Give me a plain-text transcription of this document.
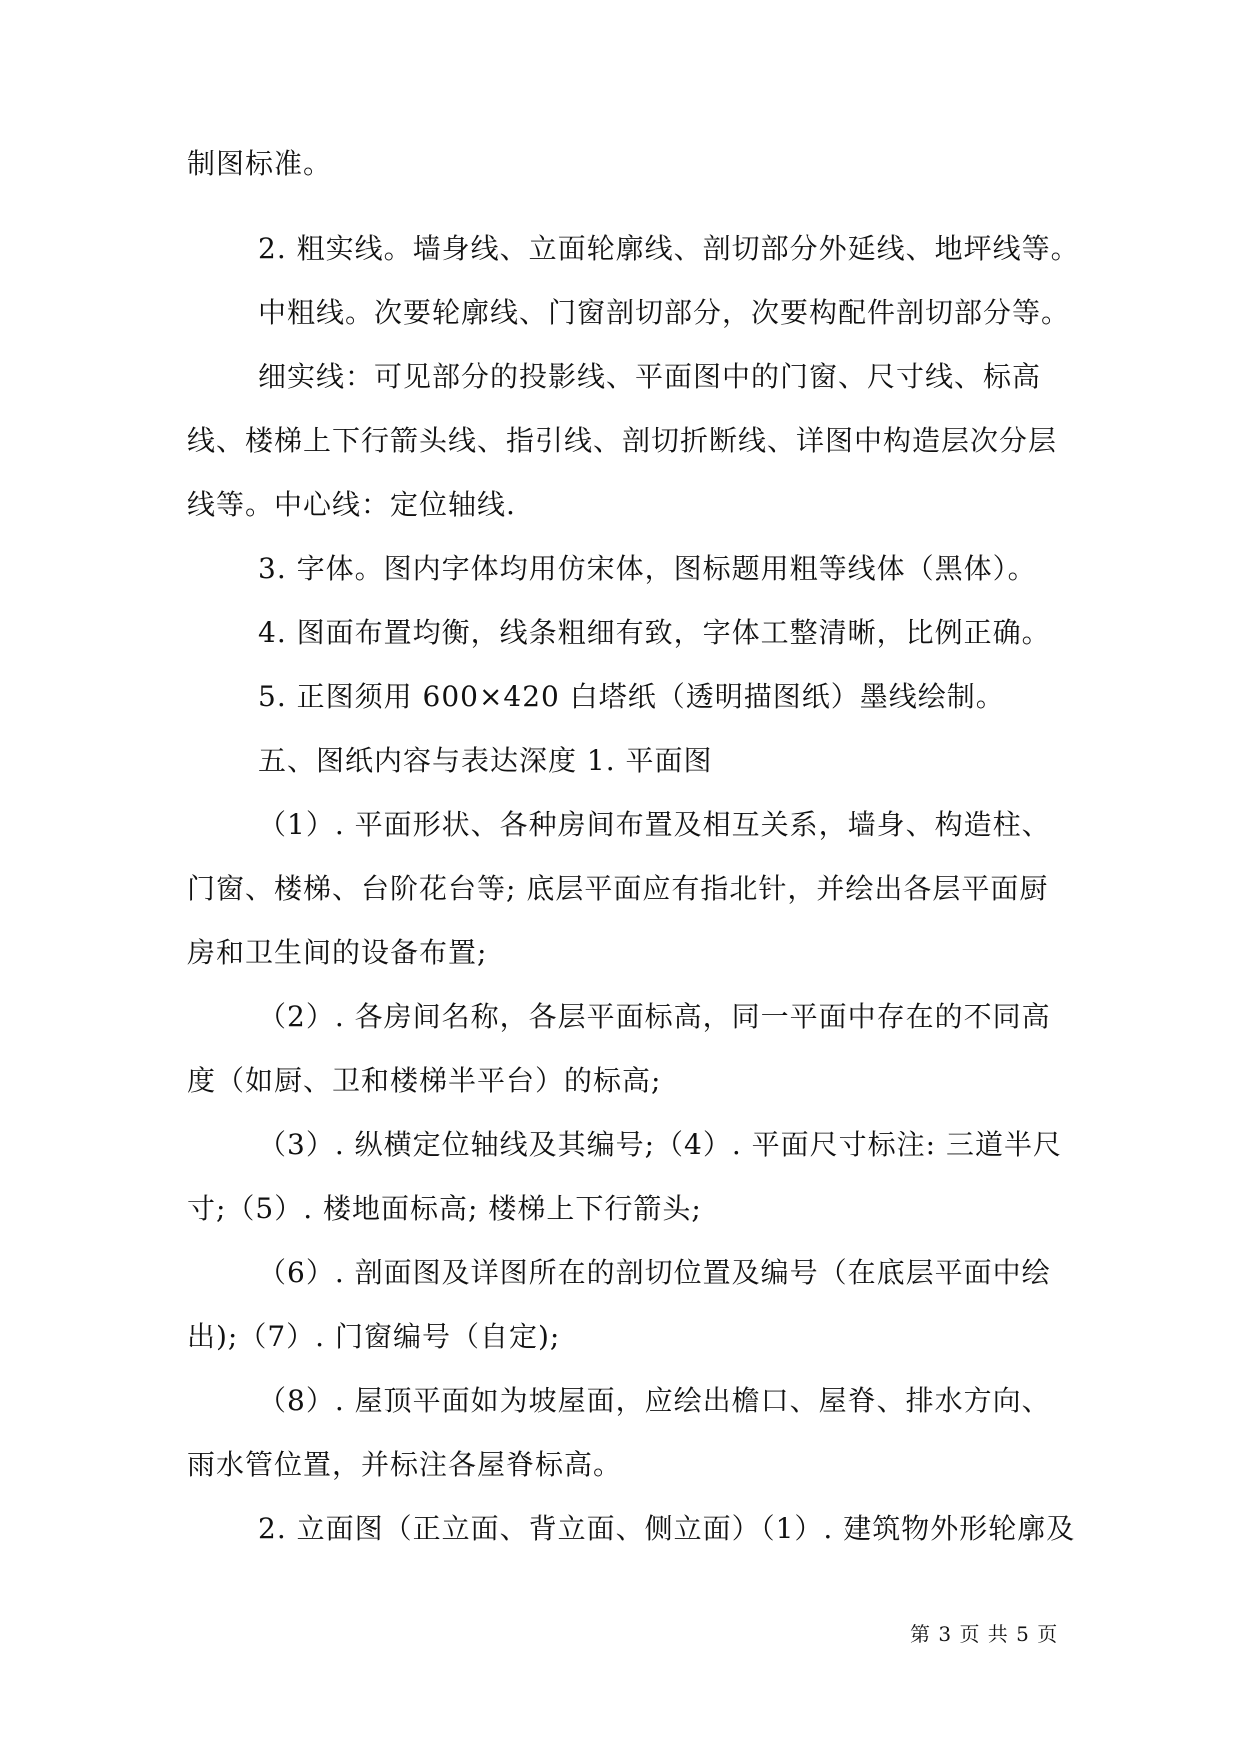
制图标准。
2. 粗实线。墙身线、立面轮廓线、剖切部分外延线、地坪线等。
中粗线。次要轮廓线、门窗剖切部分，次要构配件剖切部分等。
细实线：可见部分的投影线、平面图中的门窗、尺寸线、标高
线、楼梯上下行箭头线、指引线、剖切折断线、详图中构造层次分层
线等。中心线：定位轴线.
3. 字体。图内字体均用仿宋体，图标题用粗等线体（黑体）。
4. 图面布置均衡，线条粗细有致，字体工整清晰，比例正确。
5. 正图须用 600×420 白塔纸（透明描图纸）墨线绘制。
五、图纸内容与表达深度 1. 平面图
（1）. 平面形状、各种房间布置及相互关系，墙身、构造柱、
门窗、楼梯、台阶花台等; 底层平面应有指北针，并绘出各层平面厨
房和卫生间的设备布置;
（2）. 各房间名称，各层平面标高，同一平面中存在的不同高
度（如厨、卫和楼梯半平台）的标高;
（3）. 纵横定位轴线及其编号;（4）. 平面尺寸标注: 三道半尺
寸;（5）. 楼地面标高; 楼梯上下行箭头;
（6）. 剖面图及详图所在的剖切位置及编号（在底层平面中绘
出);（7）. 门窗编号（自定);
（8）. 屋顶平面如为坡屋面，应绘出檐口、屋脊、排水方向、
雨水管位置，并标注各屋脊标高。
2. 立面图（正立面、背立面、侧立面）（1）. 建筑物外形轮廓及
第 3 页 共 5 页
